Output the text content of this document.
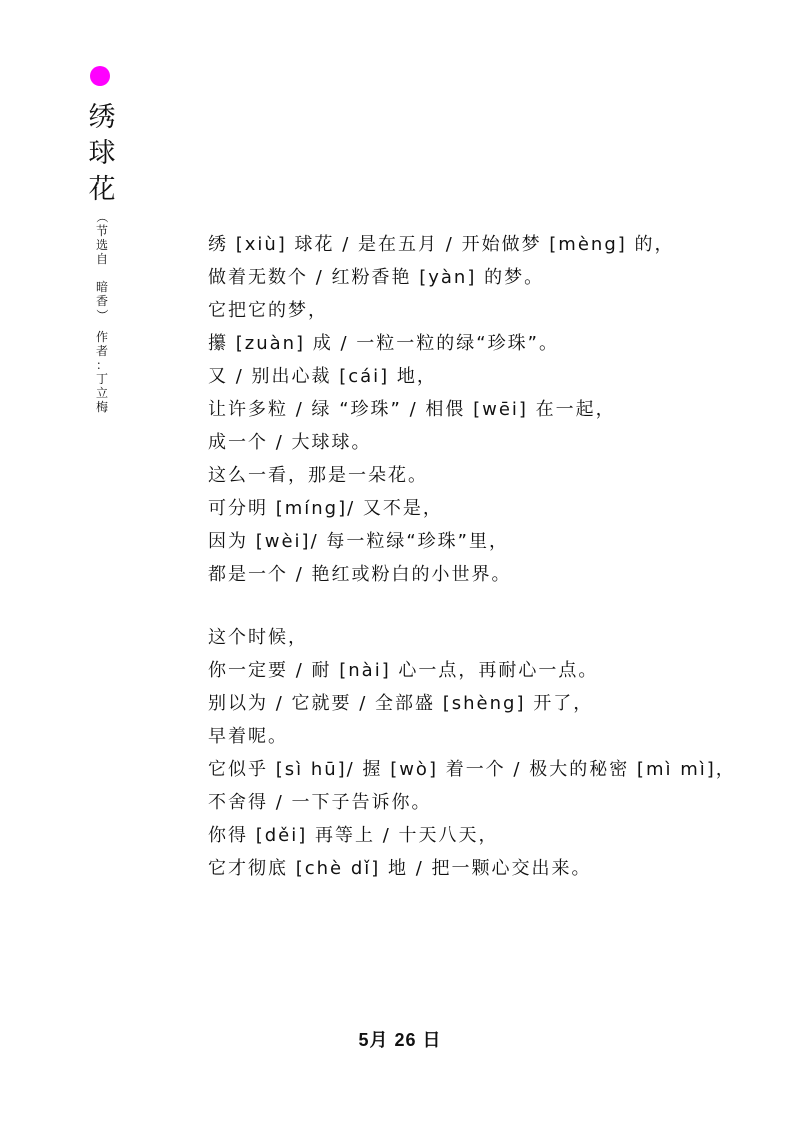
绣
球
花
（
节
选
自
暗
香
）
作
者
：
丁
立
梅
绣 [xiù] 球花 / 是在五月 / 开始做梦 [mèng] 的，
做着无数个 / 红粉香艳 [yàn] 的梦。
它把它的梦，
攥 [zuàn] 成 / 一粒一粒的绿“珍珠”。
又 / 别出心裁 [cái] 地，
让许多粒 / 绿 “珍珠” / 相偎 [wēi] 在一起，
成一个 / 大球球。
这么一看，那是一朵花。
可分明 [míng]/ 又不是，
因为 [wèi]/ 每一粒绿“珍珠”里，
都是一个 / 艳红或粉白的小世界。
这个时候，
你一定要 / 耐 [nài] 心一点，再耐心一点。
别以为 / 它就要 / 全部盛 [shèng] 开了，
早着呢。
它似乎 [sì hū]/ 握 [wò] 着一个 / 极大的秘密 [mì mì]，
不舍得 / 一下子告诉你。
你得 [děi] 再等上 / 十天八天，
它才彻底 [chè dǐ] 地 / 把一颗心交出来。
5月 26 日
